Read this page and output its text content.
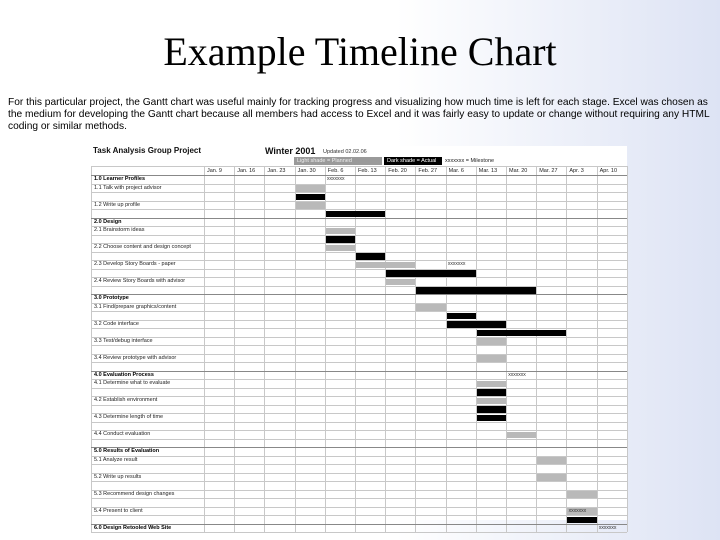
Example Timeline Chart
For this particular project, the Gantt chart was useful mainly for tracking progress and visualizing how much time is left for each stage. Excel was chosen as the medium for developing the Gantt chart because all members had access to Excel and it was fairly easy to update or change without requiring any HTML coding or similar methods.
Task Analysis Group Project	Winter 2001 Updated 02.02.06
Light shade = Planned	Dark shade = Actual xxxxxxx = Milestone
Jan. 9	Jan. 16 Jan. 23 Jan. 30 Feb. 6	Feb. 13 Feb. 20 Feb. 27 Mar. 6	Mar. 13 Mar. 20 Mar. 27 Apr. 3	Apr. 10
1.0 Learner Profiles	xxxxxxx
1.1 Talk with project advisor
1.2 Write up profile
2.0 Design
2.1 Brainstorm ideas
2.2 Choose content and design concept
2.3 Develop Story Boards - paper	xxxxxxx
2.4 Review Story Boards with advisor
3.0 Prototype
3.1 Find/prepare graphics/content
3.2 Code interface
3.3 Test/debug interface
3.4 Review prototype with advisor
4.0 Evaluation Process	xxxxxxx
4.1 Determine what to evaluate
4.2 Establish environment
4.3 Determine length of time
4.4 Conduct evaluation
5.0 Results of Evaluation
5.1 Analyze result
5.2 Write up results
5.3 Recommend design changes
5.4 Present to client	xxxxxxx
6.0 Design Retooled Web Site	xxxxxxx
